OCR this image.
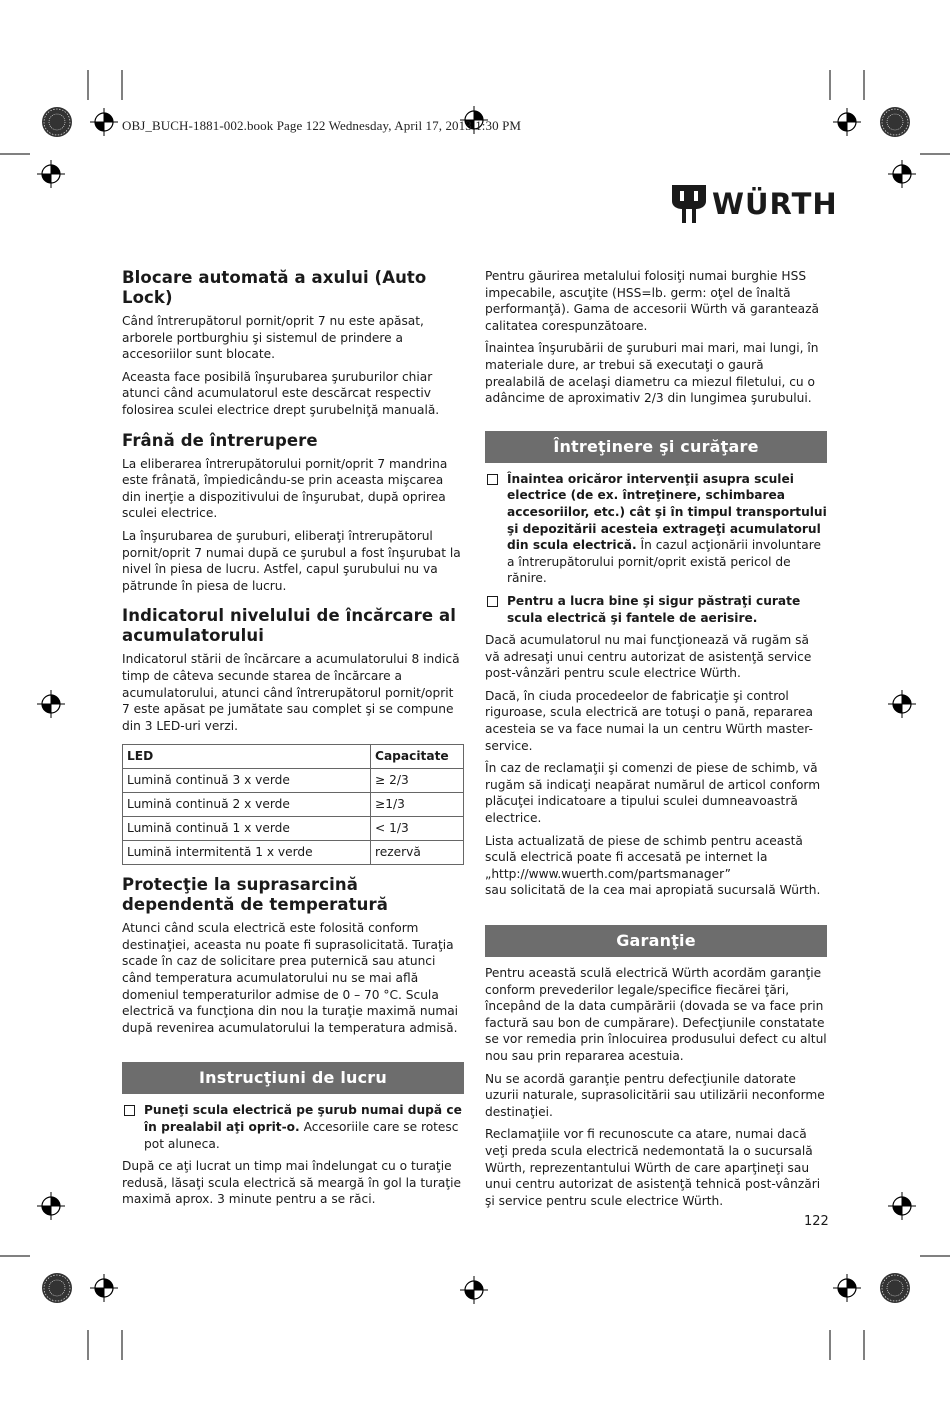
OBJ_BUCH-1881-002.book Page 122 Wednesday, April 17, 2013 1:30 PM
WÜRTH
Blocare automată a axului (Auto Lock)

Când întrerupătorul pornit/oprit 7 nu este apăsat, arborele portburghiu şi sistemul de prindere a accesoriilor sunt blocate.

Aceasta face posibilă înşurubarea şuruburilor chiar atunci când acumulatorul este descărcat respectiv folosirea sculei electrice drept şurubelniţă manuală.

Frână de întrerupere

La eliberarea întrerupătorului pornit/oprit 7 mandrina este frânată, împiedicându-se prin aceasta mişcarea din inerţie a dispozitivului de înşurubat, după oprirea sculei electrice.

La înşurubarea de şuruburi, eliberaţi întrerupătorul pornit/oprit 7 numai după ce şurubul a fost înşurubat la nivel în piesa de lucru. Astfel, capul şurubului nu va pătrunde în piesa de lucru.

Indicatorul nivelului de încărcare al acumulatorului

Indicatorul stării de încărcare a acumulatorului 8 indică timp de câteva secunde starea de încărcare a acumulatorului, atunci când întrerupătorul pornit/oprit 7 este apăsat pe jumătate sau complet şi se compune din 3 LED-uri verzi.

LED	Capacitate
Lumină continuă 3 x verde	≥ 2/3
Lumină continuă 2 x verde	≥1/3
Lumină continuă 1 x verde	< 1/3
Lumină intermitentă 1 x verde	rezervă
Protecţie la suprasarcină dependentă de temperatură

Atunci când scula electrică este folosită conform destinaţiei, aceasta nu poate fi suprasolicitată. Turaţia scade în caz de solicitare prea puternică sau atunci când temperatura acumulatorului nu se mai află domeniul temperaturilor admise de 0 – 70 °C. Scula electrică va funcţiona din nou la turaţie maximă numai după revenirea acumulatorului la temperatura admisă.

Instrucţiuni de lucru
Puneţi scula electrică pe şurub numai după ce în prealabil aţi oprit-o. Accesoriile care se rotesc pot aluneca.

După ce aţi lucrat un timp mai îndelungat cu o turaţie redusă, lăsaţi scula electrică să meargă în gol la turaţie maximă aprox. 3 minute pentru a se răci.

Pentru găurirea metalului folosiţi numai burghie HSS impecabile, ascuţite (HSS=lb. germ: oţel de înaltă performanţă). Gama de accesorii Würth vă garantează calitatea corespunzătoare.

Înaintea înşurubării de şuruburi mai mari, mai lungi, în materiale dure, ar trebui să executaţi o gaură prealabilă de acelaşi diametru ca miezul filetului, cu o adâncime de aproximativ 2/3 din lungimea şurubului.

Întreţinere şi curăţare
Înaintea oricăror intervenţii asupra sculei electrice (de ex. întreţinere, schimbarea accesoriilor, etc.) cât şi în timpul transportului şi depozitării acesteia extrageţi acumulatorul din scula electrică. În cazul acţionării involuntare a întrerupătorului pornit/oprit există pericol de rănire.
Pentru a lucra bine şi sigur păstraţi curate scula electrică şi fantele de aerisire.

Dacă acumulatorul nu mai funcţionează vă rugăm să vă adresaţi unui centru autorizat de asistenţă service post-vânzări pentru scule electrice Würth.

Dacă, în ciuda procedeelor de fabricaţie şi control riguroase, scula electrică are totuşi o pană, repararea acesteia se va face numai la un centru Würth master-service.

În caz de reclamaţii şi comenzi de piese de schimb, vă rugăm să indicaţi neapărat numărul de articol conform plăcuţei indicatoare a tipului sculei dumneavoastră electrice.

Lista actualizată de piese de schimb pentru această sculă electrică poate fi accesată pe internet la
„http://www.wuerth.com/partsmanager”
sau solicitată de la cea mai apropiată sucursală Würth.

Garanţie

Pentru această sculă electrică Würth acordăm garanţie conform prevederilor legale/specifice fiecărei ţări, începând de la data cumpărării (dovada se va face prin factură sau bon de cumpărare). Defecţiunile constatate se vor remedia prin înlocuirea produsului defect cu altul nou sau prin repararea acestuia.

Nu se acordă garanţie pentru defecţiunile datorate uzurii naturale, suprasolicitării sau utilizării neconforme destinaţiei.

Reclamaţiile vor fi recunoscute ca atare, numai dacă veţi preda scula electrică nedemontată la o sucursală Würth, reprezentantului Würth de care aparţineţi sau unui centru autorizat de asistenţă tehnică post-vânzări şi service pentru scule electrice Würth.

122
